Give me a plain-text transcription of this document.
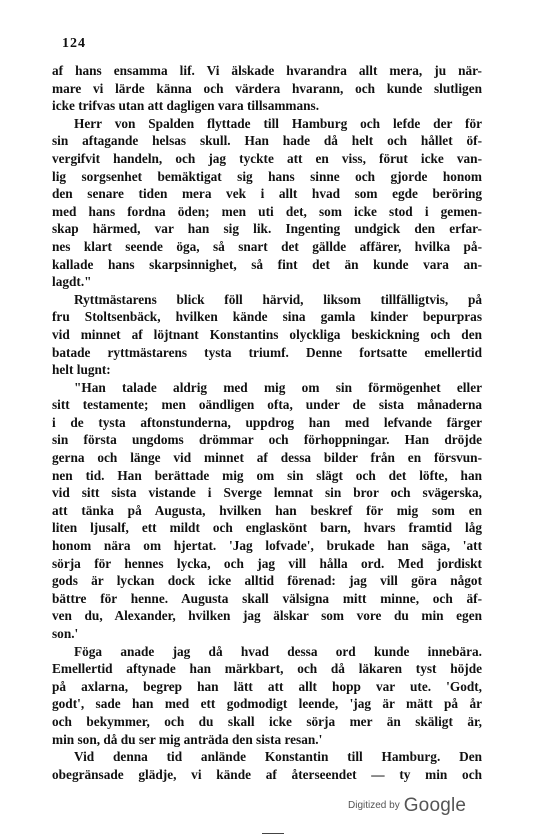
124
af hans ensamma lif. Vi älskade hvarandra allt mera, ju när-
mare vi lärde känna och värdera hvarann, och kunde slutligen
icke trifvas utan att dagligen vara tillsammans.
Herr von Spalden flyttade till Hamburg och lefde der för
sin aftagande helsas skull. Han hade då helt och hållet öf-
vergifvit handeln, och jag tyckte att en viss, förut icke van-
lig sorgsenhet bemäktigat sig hans sinne och gjorde honom
den senare tiden mera vek i allt hvad som egde beröring
med hans fordna öden; men uti det, som icke stod i gemen-
skap härmed, var han sig lik. Ingenting undgick den erfar-
nes klart seende öga, så snart det gällde affärer, hvilka på-
kallade hans skarpsinnighet, så fint det än kunde vara an-
lagdt."
Ryttmästarens blick föll härvid, liksom tillfälligtvis, på
fru Stoltsenbäck, hvilken kände sina gamla kinder bepurpras
vid minnet af löjtnant Konstantins olyckliga beskickning och den
batade ryttmästarens tysta triumf. Denne fortsatte emellertid
helt lugnt:
"Han talade aldrig med mig om sin förmögenhet eller
sitt testamente; men oändligen ofta, under de sista månaderna
i de tysta aftonstunderna, uppdrog han med lefvande färger
sin första ungdoms drömmar och förhoppningar. Han dröjde
gerna och länge vid minnet af dessa bilder från en försvun-
nen tid. Han berättade mig om sin slägt och det löfte, han
vid sitt sista vistande i Sverge lemnat sin bror och svägerska,
att tänka på Augusta, hvilken han beskref för mig som en
liten ljusalf, ett mildt och englaskönt barn, hvars framtid låg
honom nära om hjertat. 'Jag lofvade', brukade han säga, 'att
sörja för hennes lycka, och jag vill hålla ord. Med jordiskt
gods är lyckan dock icke alltid förenad: jag vill göra något
bättre för henne. Augusta skall välsigna mitt minne, och äf-
ven du, Alexander, hvilken jag älskar som vore du min egen
son.'
Föga anade jag då hvad dessa ord kunde innebära.
Emellertid aftynade han märkbart, och då läkaren tyst höjde
på axlarna, begrep han lätt att allt hopp var ute. 'Godt,
godt', sade han med ett godmodigt leende, 'jag är mätt på år
och bekymmer, och du skall icke sörja mer än skäligt är,
min son, då du ser mig anträda den sista resan.'
Vid denna tid anlände Konstantin till Hamburg. Den
obegränsade glädje, vi kände af återseendet — ty min och
Digitized by Google
